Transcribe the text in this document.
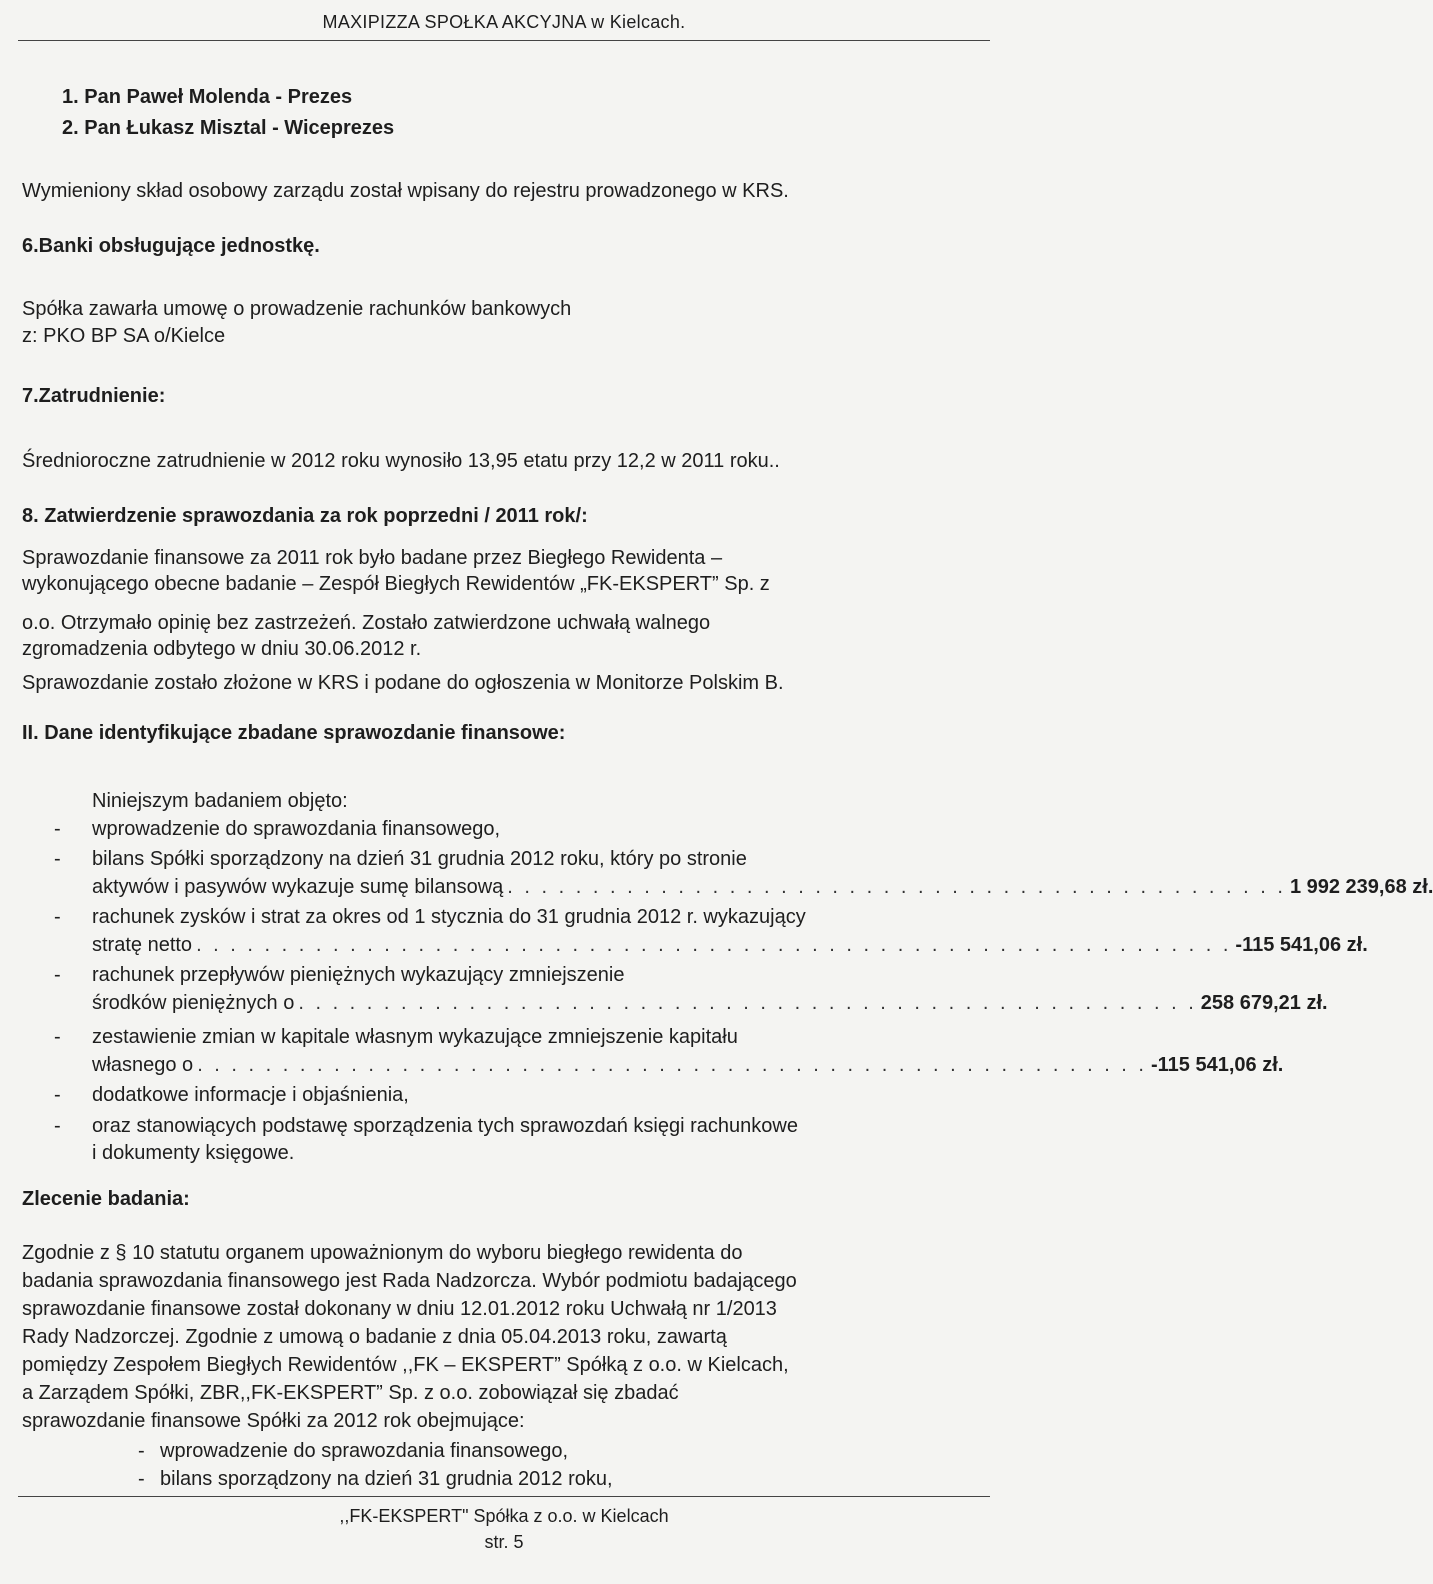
MAXIPIZZA SPOŁKA AKCYJNA w Kielcach.
1. Pan Paweł Molenda - Prezes
2. Pan Łukasz Misztal - Wiceprezes
Wymieniony skład osobowy zarządu został wpisany do rejestru prowadzonego w KRS.
6.Banki obsługujące jednostkę.
Spółka zawarła umowę o prowadzenie rachunków bankowych
z: PKO BP SA o/Kielce
7.Zatrudnienie:
Średnioroczne zatrudnienie w 2012 roku wynosiło 13,95 etatu przy 12,2 w 2011 roku..
8. Zatwierdzenie sprawozdania za rok poprzedni / 2011 rok/:
Sprawozdanie finansowe za 2011 rok było badane przez Biegłego Rewidenta –
wykonującego obecne badanie – Zespół Biegłych Rewidentów „FK-EKSPERT” Sp. z
o.o. Otrzymało opinię bez zastrzeżeń. Zostało zatwierdzone uchwałą walnego
zgromadzenia odbytego w dniu 30.06.2012 r.
Sprawozdanie zostało złożone w KRS i podane do ogłoszenia w Monitorze Polskim B.
II. Dane identyfikujące zbadane sprawozdanie finansowe:
Niniejszym badaniem objęto:
- wprowadzenie do sprawozdania finansowego,
- bilans Spółki sporządzony na dzień 31 grudnia 2012 roku, który po stronie
aktywów i pasywów wykazuje sumę bilansową . . . . . . . . . . . . . . . . . . . . . . . . . . . . . . . . . . . . . . . . . . . . . . 1 992 239,68 zł.
- rachunek zysków i strat za okres od 1 stycznia do 31 grudnia 2012 r. wykazujący
stratę netto . . . . . . . . . . . . . . . . . . . . . . . . . . . . . . . . . . . . . . . . . . . . . . . . . . . . . . . . . . . . . -115 541,06 zł.
- rachunek przepływów pieniężnych wykazujący zmniejszenie
środków pieniężnych o . . . . . . . . . . . . . . . . . . . . . . . . . . . . . . . . . . . . . . . . . . . . . . . . . . . . . 258 679,21 zł.
- zestawienie zmian w kapitale własnym wykazujące zmniejszenie kapitału
własnego o . . . . . . . . . . . . . . . . . . . . . . . . . . . . . . . . . . . . . . . . . . . . . . . . . . . . . . . . -115 541,06 zł.
- dodatkowe informacje i objaśnienia,
- oraz stanowiących podstawę sporządzenia tych sprawozdań księgi rachunkowe
i dokumenty księgowe.
Zlecenie badania:
Zgodnie z § 10 statutu organem upoważnionym do wyboru biegłego rewidenta do
badania sprawozdania finansowego jest Rada Nadzorcza. Wybór podmiotu badającego
sprawozdanie finansowe został dokonany w dniu 12.01.2012 roku Uchwałą nr 1/2013
Rady Nadzorczej. Zgodnie z umową o badanie z dnia 05.04.2013 roku, zawartą
pomiędzy Zespołem Biegłych Rewidentów ,,FK – EKSPERT” Spółką z o.o. w Kielcach,
a Zarządem Spółki, ZBR,,FK-EKSPERT” Sp. z o.o. zobowiązał się zbadać
sprawozdanie finansowe Spółki za 2012 rok obejmujące:
- wprowadzenie do sprawozdania finansowego,
- bilans sporządzony na dzień 31 grudnia 2012 roku,
,,FK-EKSPERT" Spółka z o.o. w Kielcach
str. 5
